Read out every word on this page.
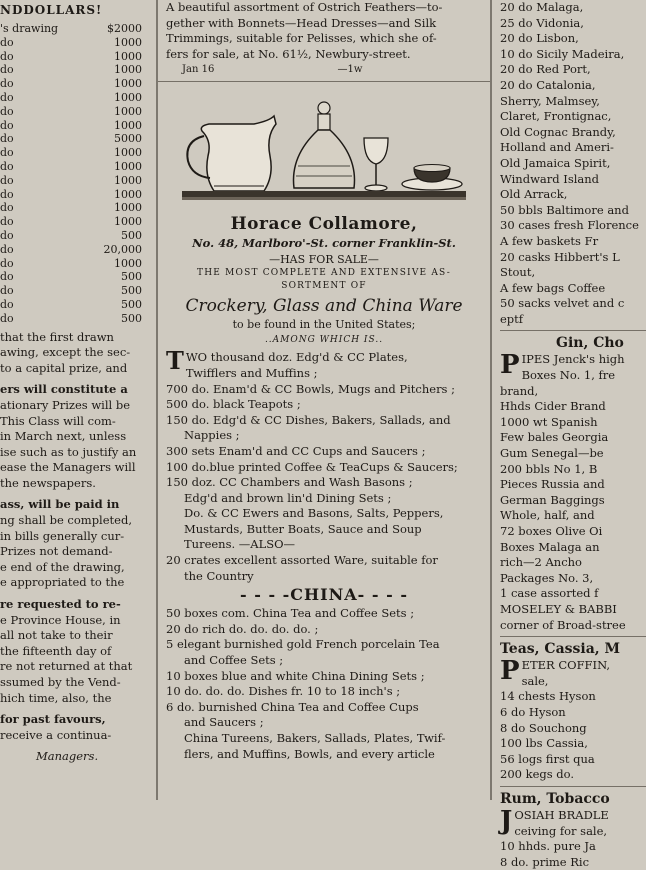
NDDOLLARS!
's drawing	$2000
do	1000
do	1000
do	1000
do	1000
do	1000
do	1000
do	1000
do	5000
do	1000
do	1000
do	1000
do	1000
do	1000
do	1000
do	500
do	20,000
do	1000
do	500
do	500
do	500
do	500
that the first drawn
awing, except the sec-
to a capital prize, and
ers will constitute a
ationary Prizes will be
This Class will com-
in March next, unless
ise such as to justify an
ease the Managers will
the newspapers.
ass, will be paid in
ng shall be completed,
in bills generally cur-
Prizes not demand-
e end of the drawing,
e appropriated to the
re requested to re-
e Province House, in
all not take to their
the fifteenth day of
re not returned at that
ssumed by the Vend-
hich time, also, the
for past favours,
receive a continua-
Managers.
A beautiful assortment of Ostrich Feathers—to-
gether with Bonnets—Head Dresses—and Silk
Trimmings, suitable for Pelisses, which she of-
fers for sale, at No. 61½, Newbury-street.
Jan 16	—1w
Horace Collamore,
No. 48, Marlboro'-St. corner Franklin-St.
—HAS FOR SALE—
THE MOST COMPLETE AND EXTENSIVE AS-
SORTMENT OF
Crockery, Glass and China Ware
to be found in the United States;
..AMONG WHICH IS..
TWO thousand doz. Edg'd & CC Plates,
Twifflers and Muffins ;
700 do. Enam'd & CC Bowls, Mugs and Pitchers ;
500 do. black Teapots ;
150 do. Edg'd & CC Dishes, Bakers, Sallads, and
Nappies ;
300 sets Enam'd and CC Cups and Saucers ;
100 do.blue printed Coffee & TeaCups & Saucers;
150 doz. CC Chambers and Wash Basons ;
Edg'd and brown lin'd Dining Sets ;
Do. & CC Ewers and Basons, Salts, Peppers,
Mustards, Butter Boats, Sauce and Soup
Tureens. —ALSO—
20 crates excellent assorted Ware, suitable for
the Country
- - - -CHINA- - - -
50 boxes com. China Tea and Coffee Sets ;
20 do rich do. do. do. do. ;
5 elegant burnished gold French porcelain Tea
and Coffee Sets ;
10 boxes blue and white China Dining Sets ;
10 do. do. do. Dishes fr. 10 to 18 inch's ;
6 do. burnished China Tea and Coffee Cups
and Saucers ;
China Tureens, Bakers, Sallads, Plates, Twif-
flers, and Muffins, Bowls, and every article
20 do Malaga,
25 do Vidonia,
20 do Lisbon,
10 do Sicily Madeira,
20 do Red Port,
20 do Catalonia,
Sherry, Malmsey,
Claret, Frontignac,
Old Cognac Brandy,
Holland and Ameri-
Old Jamaica Spirit,
Windward Island
Old Arrack,
50 bbls Baltimore and
30 cases fresh Florence
A few baskets Fr
20 casks Hibbert's L
Stout,
A few bags Coffee
50 sacks velvet and c
eptf
Gin, Cho
PIPES Jenck's high
Boxes No. 1, fre
brand,
Hhds Cider Brand
1000 wt Spanish
Few bales Georgia
Gum Senegal—be
200 bbls No 1, B
Pieces Russia and
German Baggings
Whole, half, and
72 boxes Olive Oi
Boxes Malaga an
rich—2 Ancho
Packages No. 3,
1 case assorted f
MOSELEY & BABBI
corner of Broad-stree
Teas, Cassia, M
PETER COFFIN,
sale,
14 chests Hyson
6 do Hyson
8 do Souchong
100 lbs Cassia,
56 logs first qua
200 kegs do.
Rum, Tobacco
JOSIAH BRADLE
ceiving for sale,
10 hhds. pure Ja
8 do. prime Ric
